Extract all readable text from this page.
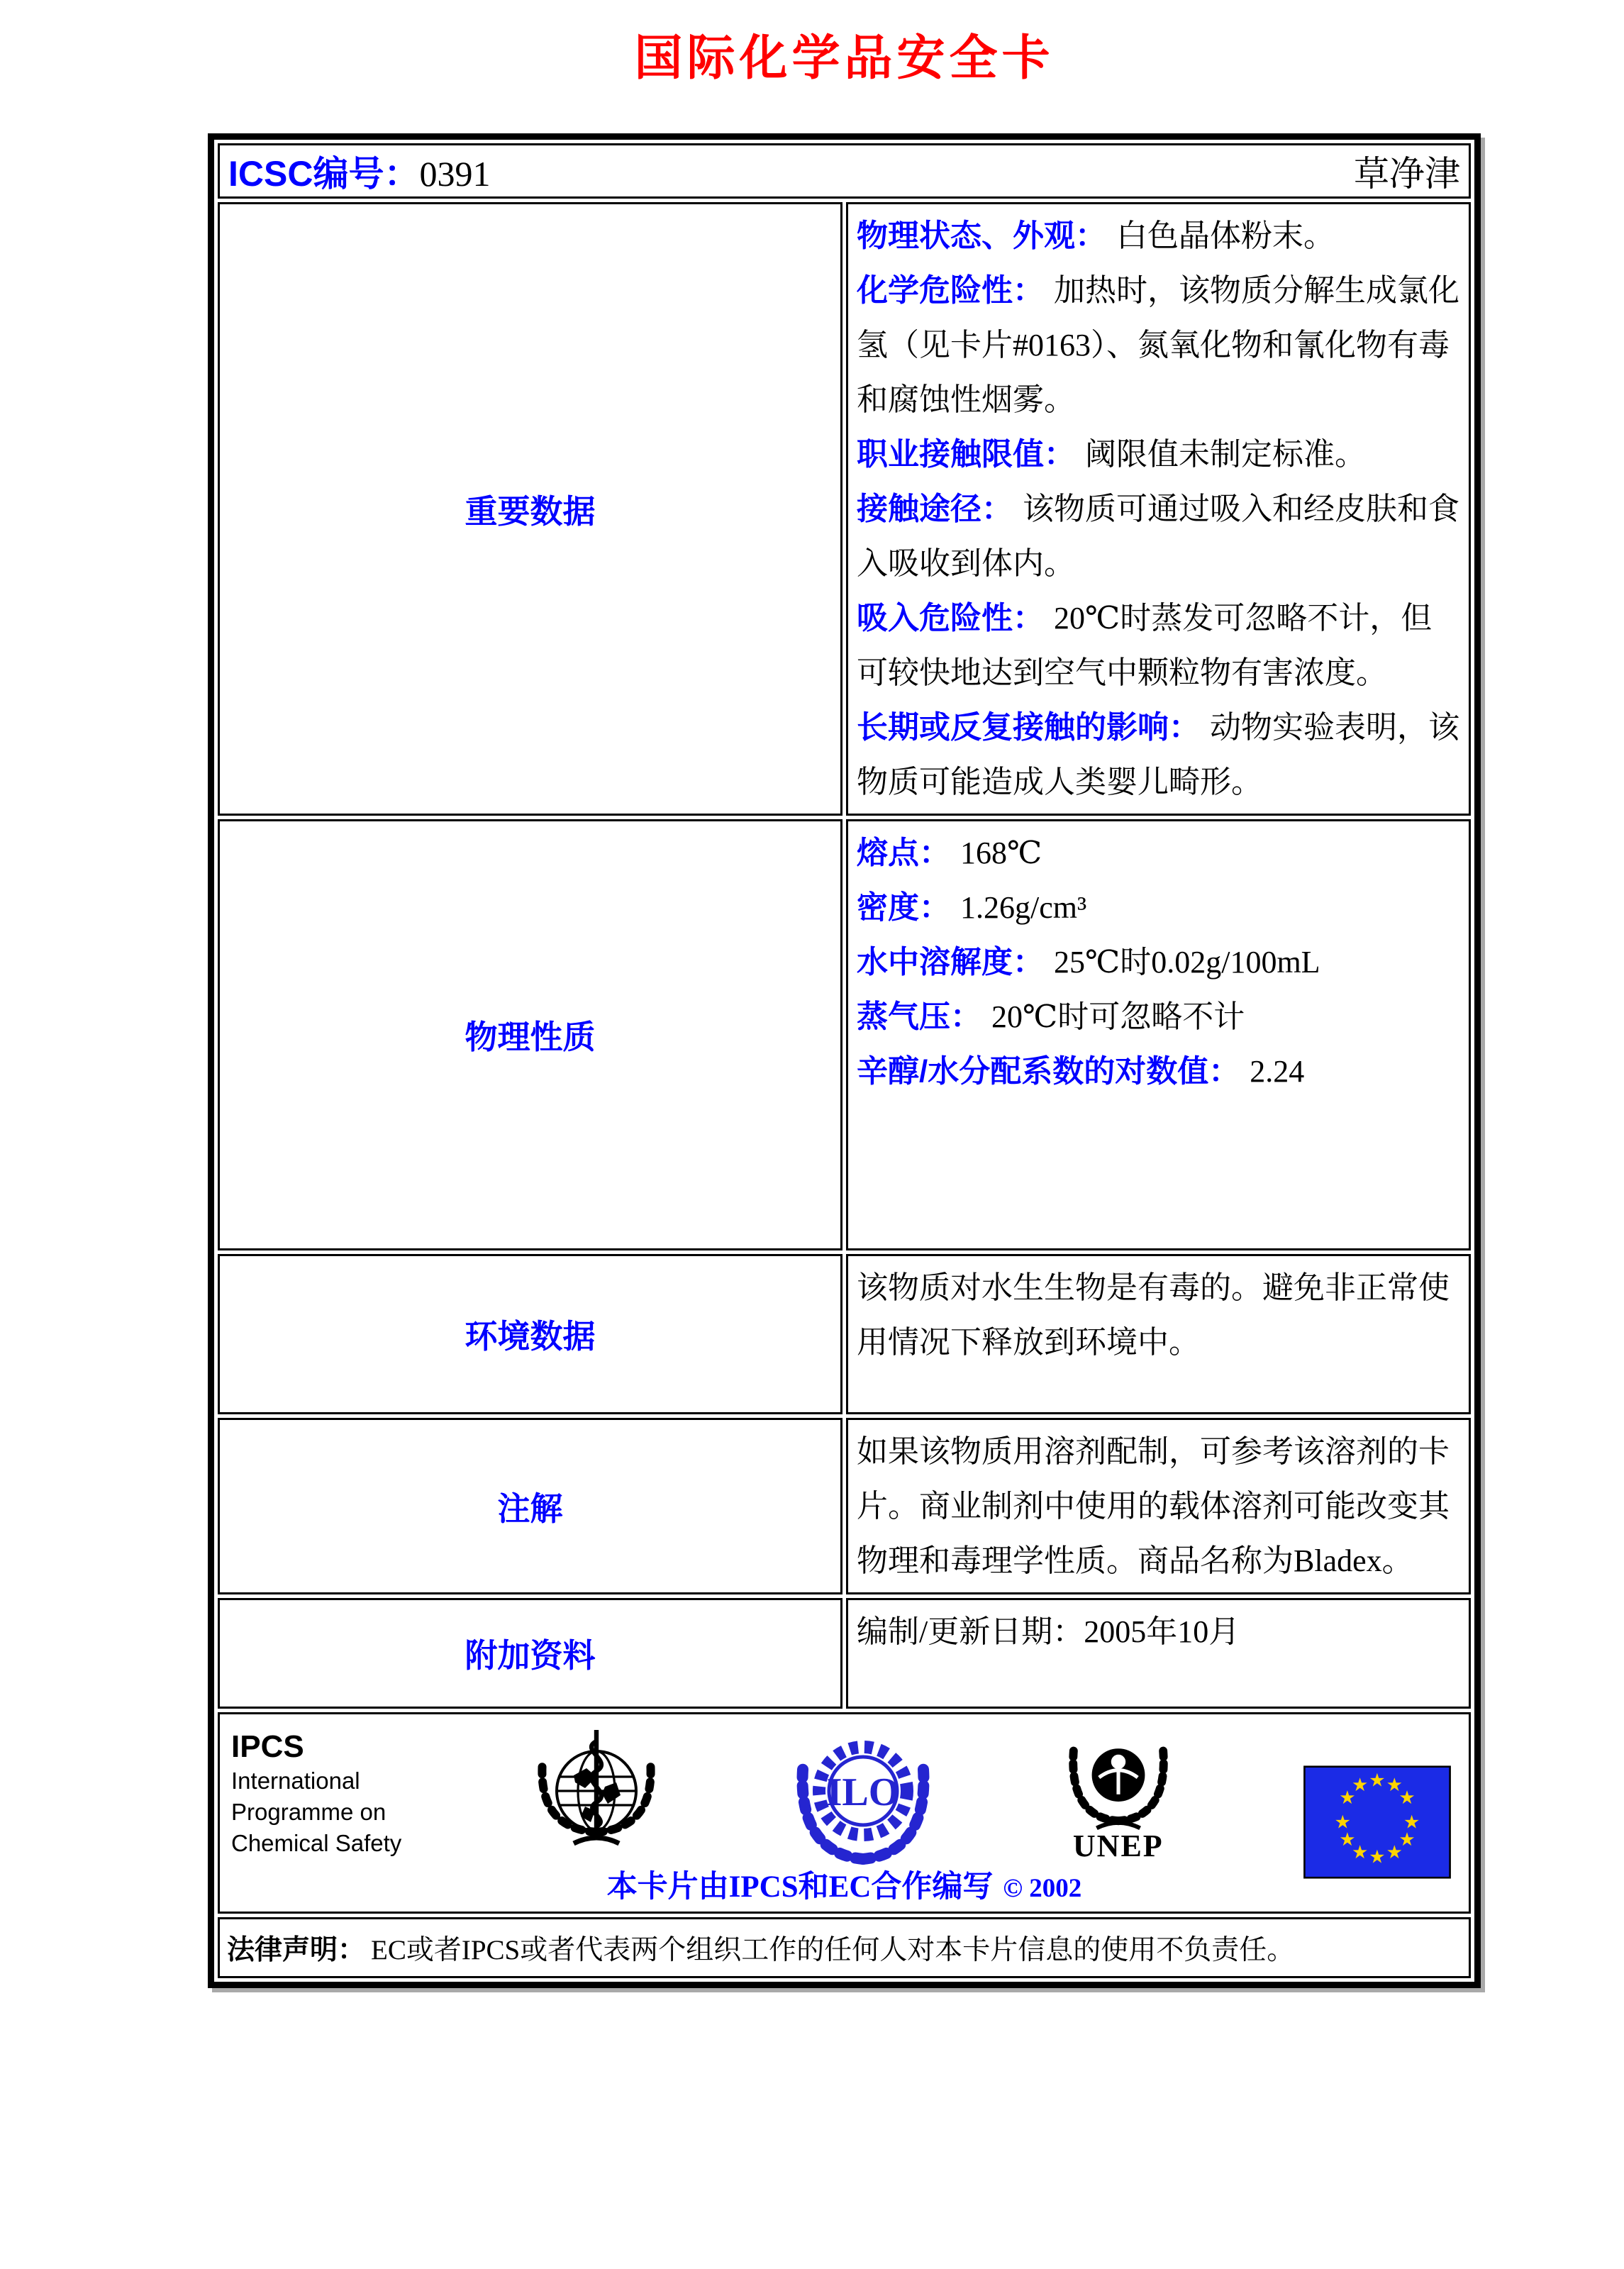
国际化学品安全卡
ICSC编号：0391 草净津	

重要数据	
物理状态、外观： 白色晶体粉末。
化学危险性： 加热时，该物质分解生成氯化氢（见卡片#0163）、氮氧化物和氰化物有毒和腐蚀性烟雾。
职业接触限值： 阈限值未制定标准。
接触途径： 该物质可通过吸入和经皮肤和食入吸收到体内。
吸入危险性： 20℃时蒸发可忽略不计，但可较快地达到空气中颗粒物有害浓度。
长期或反复接触的影响： 动物实验表明，该物质可能造成人类婴儿畸形。

物理性质	熔点： 168℃
密度： 1.26g/cm³
水中溶解度： 25℃时0.02g/100mL
蒸气压： 20℃时可忽略不计
辛醇/水分配系数的对数值： 2.24

环境数据	该物质对水生生物是有毒的。避免非正常使用情况下释放到环境中。
注解	如果该物质用溶剂配制，可参考该溶剂的卡片。商业制剂中使用的载体溶剂可能改变其物理和毒理学性质。商品名称为Bladex。
附加资料	编制/更新日期：2005年10月

IPCS
International
Programme on
Chemical Safety
ILO
UNEP
★ ★
★
★
★
★
★
★
★
★
★
★
本卡片由IPCS和EC合作编写 © 2002

法律声明： EC或者IPCS或者代表两个组织工作的任何人对本卡片信息的使用不负责任。	
